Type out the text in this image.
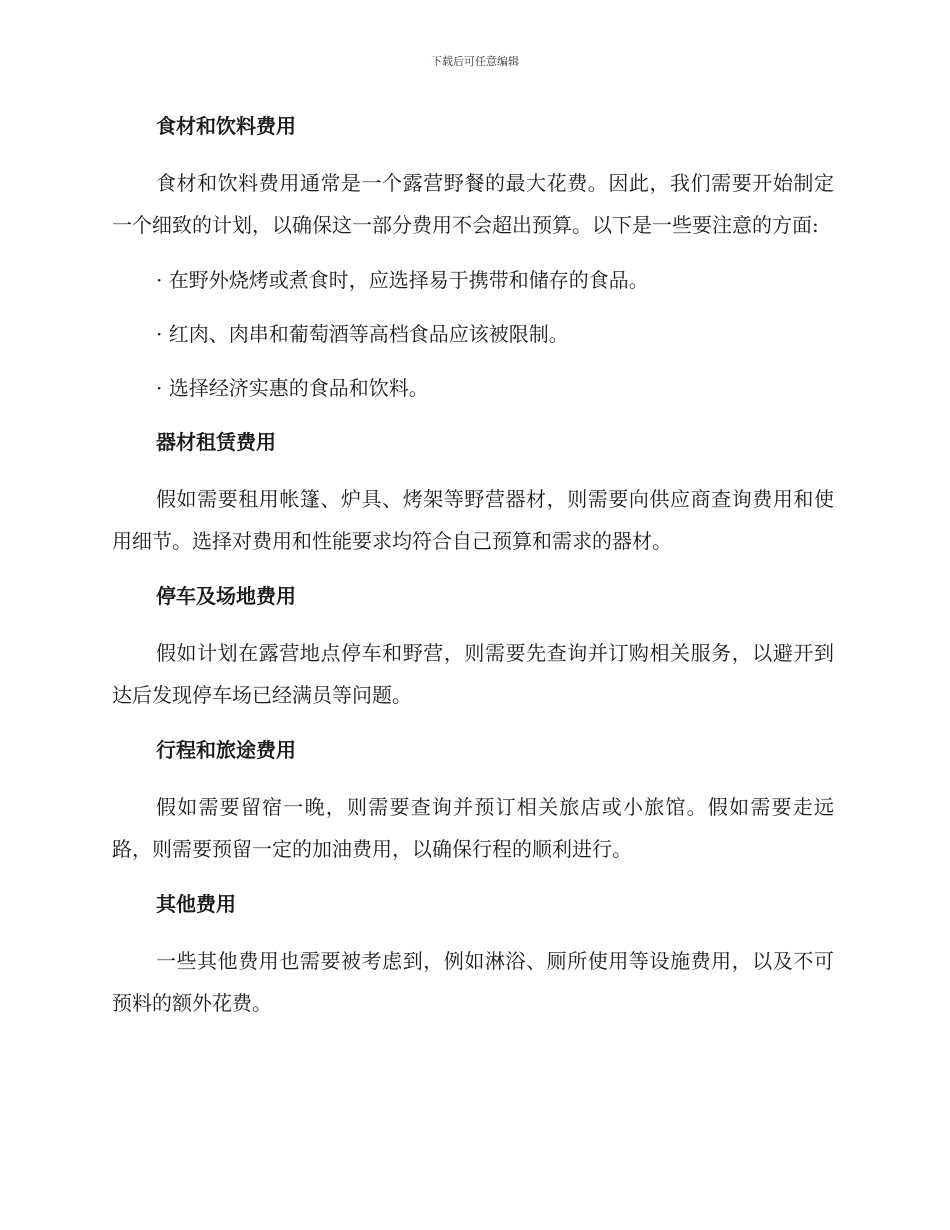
下载后可任意编辑
食材和饮料费用

食材和饮料费用通常是一个露营野餐的最大花费。因此，我们需要开始制定一个细致的计划，以确保这一部分费用不会超出预算。以下是一些要注意的方面:

· 在野外烧烤或煮食时，应选择易于携带和储存的食品。

· 红肉、肉串和葡萄酒等高档食品应该被限制。

· 选择经济实惠的食品和饮料。

器材租赁费用

假如需要租用帐篷、炉具、烤架等野营器材，则需要向供应商查询费用和使用细节。选择对费用和性能要求均符合自己预算和需求的器材。

停车及场地费用

假如计划在露营地点停车和野营，则需要先查询并订购相关服务，以避开到达后发现停车场已经满员等问题。

行程和旅途费用

假如需要留宿一晚，则需要查询并预订相关旅店或小旅馆。假如需要走远路，则需要预留一定的加油费用，以确保行程的顺利进行。

其他费用

一些其他费用也需要被考虑到，例如淋浴、厕所使用等设施费用，以及不可预料的额外花费。
